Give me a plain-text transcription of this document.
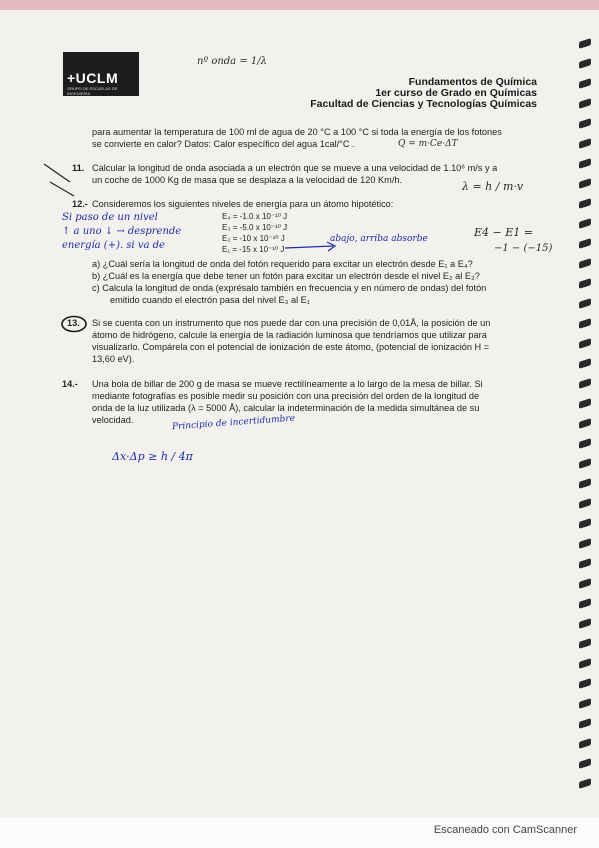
+UCLM
GRUPO DE ESCUELAS DE INGENIERIA
nº onda = 1/λ
Fundamentos de Química
1er curso de Grado en Químicas
Facultad de Ciencias y Tecnologías Químicas
para aumentar la temperatura de 100 ml de agua de 20 °C a 100 °C si toda la energía de los fotones
se convierte en calor? Datos: Calor específico del agua 1cal/°C .	Q = m·Ce·ΔT
11. Calcular la longitud de onda asociada a un electrón que se mueve a una velocidad de 1.10⁶ m/s y a
un coche de 1000 Kg de masa que se desplaza a la velocidad de 120 Km/h.	λ = h / m·v
12.- Consideremos los siguientes niveles de energía para un átomo hipotético:
Si paso de un nivel
↑ a uno ↓ → desprende
energía (+). si va de
E₄ = -1.0 x 10⁻¹⁰ J
E₃ = -5.0 x 10⁻¹⁰ J
E₂ = -10 x 10⁻¹⁰ J
E₁ = -15 x 10⁻¹⁰ J
abajo, arriba absorbe	E4 − E1 =
−1 − (−15)
a) ¿Cuál sería la longitud de onda del fotón requerido para excitar un electrón desde E₁ a E₄?
b) ¿Cuál es la energía que debe tener un fotón para excitar un electrón desde el nivel E₂ al E₃?
c) Calcula la longitud de onda (exprésalo también en frecuencia y en número de ondas) del fotón
emitido cuando el electrón pasa del nivel E₃ al E₁
13. Si se cuenta con un instrumento que nos puede dar con una precisión de 0,01Å, la posición de un
átomo de hidrógeno, calcule la energía de la radiación luminosa que tendríamos que utilizar para
visualizarlo. Compárela con el potencial de ionización de este átomo, (potencial de ionización H =
13,60 eV).
14.- Una bola de billar de 200 g de masa se mueve rectilíneamente a lo largo de la mesa de billar. Si
mediante fotografías es posible medir su posición con una precisión del orden de la longitud de
onda de la luz utilizada (λ = 5000 Å), calcular la indeterminación de la medida simultánea de su
velocidad.	Principio de incertidumbre
Δx·Δp ≥ h / 4π
Escaneado con CamScanner
